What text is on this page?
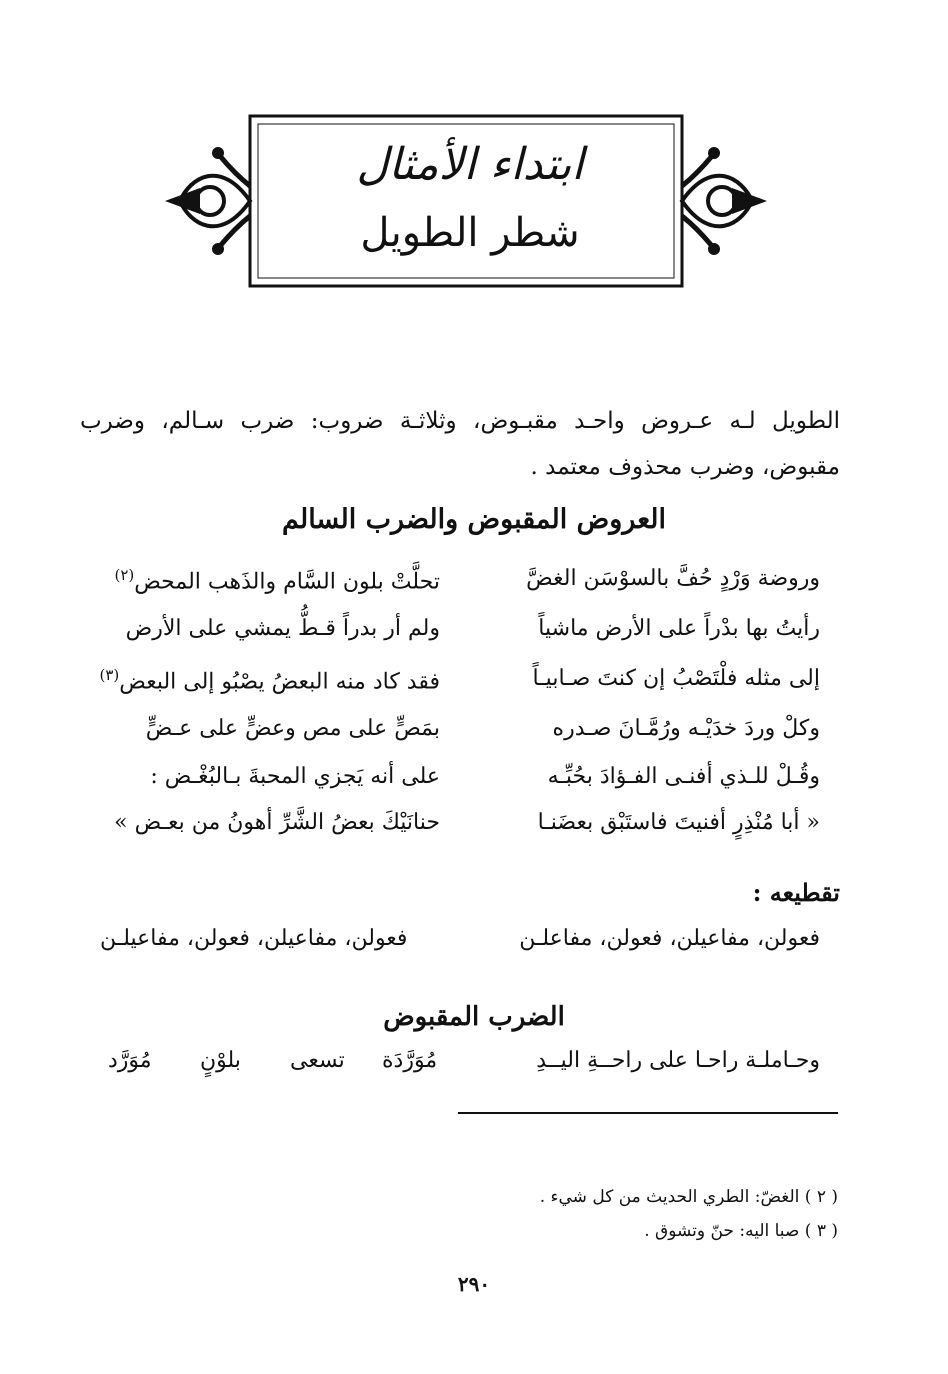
ابتداء الأمثال
شطر الطويل
الطويل لـه عـروض واحـد مقبـوض، وثلاثـة ضروب: ضرب سـالم، وضرب مقبوض، وضرب محذوف معتمد .
العروض المقبوض والضرب السالم
وروضة وَرْدٍ حُفَّ بالسوْسَن الغضَّ
تحلَّتْ بلون السَّام والذَهب المحض$^{(٢)}$
رأيتُ بها بدْراً على الأرض ماشياً
ولم أر بدراً قـطُّ يمشي على الأرض
إلى مثله فلْتَصْبُ إن كنتَ صـابيـاً
فقد كاد منه البعضُ يصْبُو إلى البعض$^{(٣)}$
وكلْ وردَ خدَيْـه ورُمَّـانَ صـدره
بمَصٍّ على مص وعضٍّ على عـضٍّ
وقُـلْ للـذي أفنـى الفـؤادَ بحُبِّـه
على أنه يَجزي المحبةَ بـالبُغْـض :
« أبا مُنْذِرٍ أفنيتَ فاستَبْق بعضَنـا
حنانَيْكَ بعضُ الشَّرِّ أهونُ من بعـض »
تقطيعه :
فعولن، مفاعيلن، فعولن، مفاعلـن
فعولن، مفاعيلن، فعولن، مفاعيلـن
الضرب المقبوض
وحـاملـة راحـا على راحــةِ اليــدِ
مُوَرَّدَة
تسعى
بلوْنٍ
مُوَرَّد
( ٢ ) الغضّ: الطري الحديث من كل شيء .
( ٣ ) صبا اليه: حنّ وتشوق .
٢٩٠
